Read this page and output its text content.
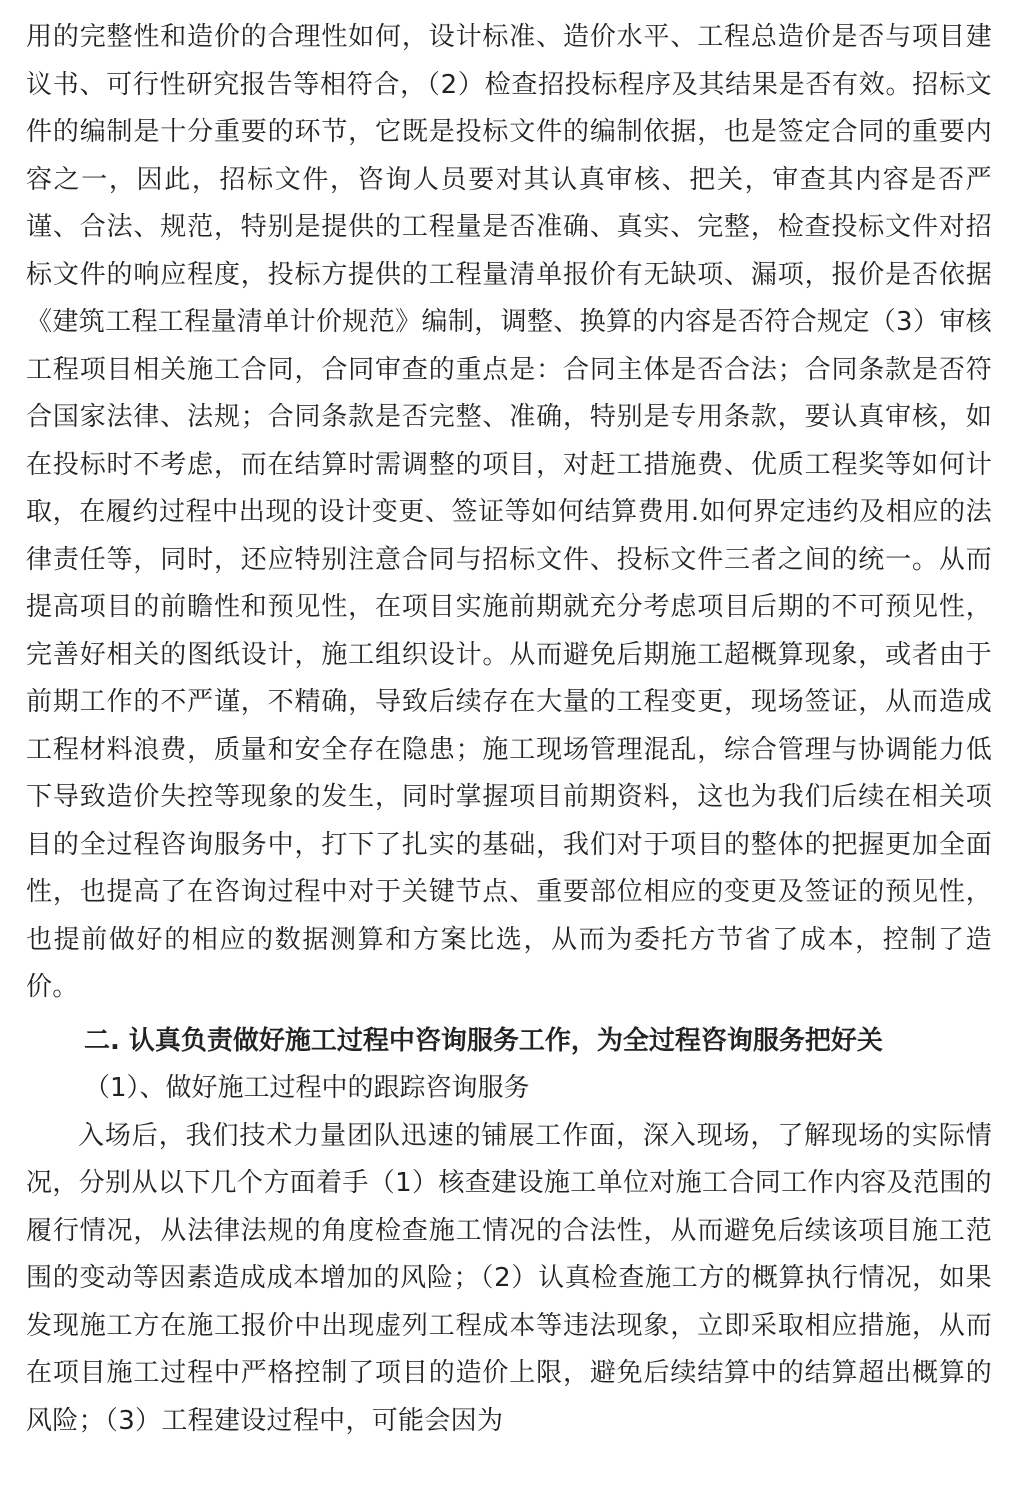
用的完整性和造价的合理性如何，设计标准、造价水平、工程总造价是否与项目建议书、可行性研究报告等相符合，（2）检查招投标程序及其结果是否有效。招标文件的编制是十分重要的环节，它既是投标文件的编制依据，也是签定合同的重要内容之一，因此，招标文件，咨询人员要对其认真审核、把关，审查其内容是否严谨、合法、规范，特别是提供的工程量是否准确、真实、完整，检查投标文件对招标文件的响应程度，投标方提供的工程量清单报价有无缺项、漏项，报价是否依据《建筑工程工程量清单计价规范》编制，调整、换算的内容是否符合规定（3）审核工程项目相关施工合同，合同审查的重点是：合同主体是否合法；合同条款是否符合国家法律、法规；合同条款是否完整、准确，特别是专用条款，要认真审核，如在投标时不考虑，而在结算时需调整的项目，对赶工措施费、优质工程奖等如何计取，在履约过程中出现的设计变更、签证等如何结算费用.如何界定违约及相应的法律责任等，同时，还应特别注意合同与招标文件、投标文件三者之间的统一。从而提高项目的前瞻性和预见性，在项目实施前期就充分考虑项目后期的不可预见性，完善好相关的图纸设计，施工组织设计。从而避免后期施工超概算现象，或者由于前期工作的不严谨，不精确，导致后续存在大量的工程变更，现场签证，从而造成工程材料浪费，质量和安全存在隐患；施工现场管理混乱，综合管理与协调能力低下导致造价失控等现象的发生，同时掌握项目前期资料，这也为我们后续在相关项目的全过程咨询服务中，打下了扎实的基础，我们对于项目的整体的把握更加全面性，也提高了在咨询过程中对于关键节点、重要部位相应的变更及签证的预见性，也提前做好的相应的数据测算和方案比选，从而为委托方节省了成本，控制了造价。

二. 认真负责做好施工过程中咨询服务工作，为全过程咨询服务把好关

（1）、做好施工过程中的跟踪咨询服务

入场后，我们技术力量团队迅速的铺展工作面，深入现场，了解现场的实际情况，分别从以下几个方面着手（1）核查建设施工单位对施工合同工作内容及范围的履行情况，从法律法规的角度检查施工情况的合法性，从而避免后续该项目施工范围的变动等因素造成成本增加的风险；（2）认真检查施工方的概算执行情况，如果发现施工方在施工报价中出现虚列工程成本等违法现象，立即采取相应措施，从而在项目施工过程中严格控制了项目的造价上限，避免后续结算中的结算超出概算的风险；（3）工程建设过程中，可能会因为
